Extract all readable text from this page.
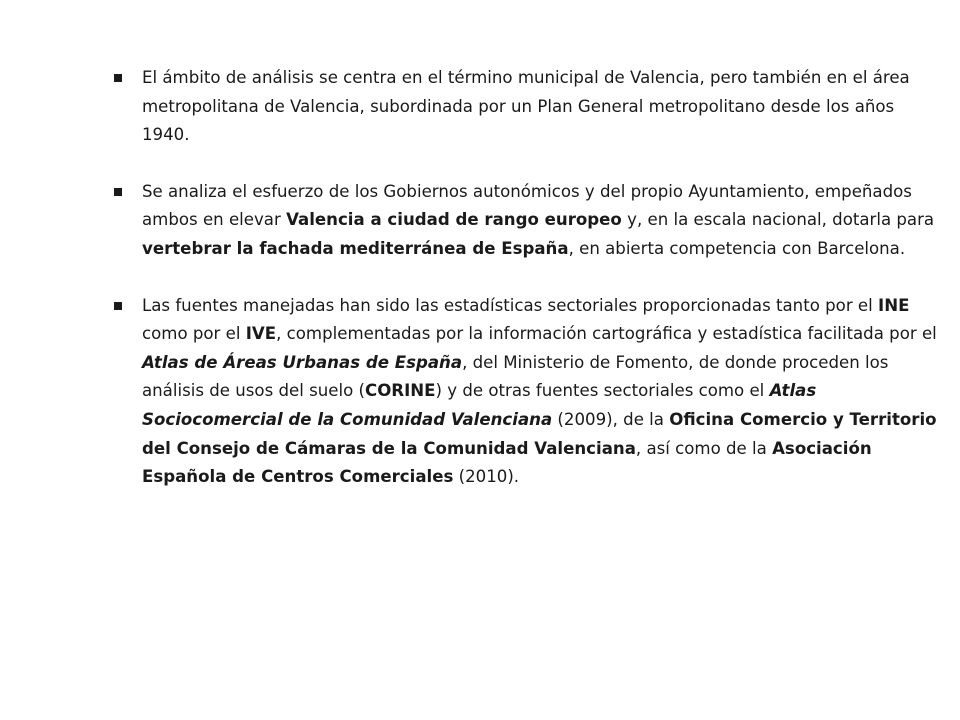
El ámbito de análisis se centra en el término municipal de Valencia, pero también en el área metropolitana de Valencia, subordinada por un Plan General metropolitano desde los años 1940.
Se analiza el esfuerzo de los Gobiernos autonómicos y del propio Ayuntamiento, empeñados ambos en elevar Valencia a ciudad de rango europeo y, en la escala nacional, dotarla para vertebrar la fachada mediterránea de España, en abierta competencia con Barcelona.
Las fuentes manejadas han sido las estadísticas sectoriales proporcionadas tanto por el INE como por el IVE, complementadas por la información cartográfica y estadística facilitada por el Atlas de Áreas Urbanas de España, del Ministerio de Fomento, de donde proceden los análisis de usos del suelo (CORINE) y de otras fuentes sectoriales como el Atlas Sociocomercial de la Comunidad Valenciana (2009), de la Oficina Comercio y Territorio del Consejo de Cámaras de la Comunidad Valenciana, así como de la Asociación Española de Centros Comerciales (2010).
